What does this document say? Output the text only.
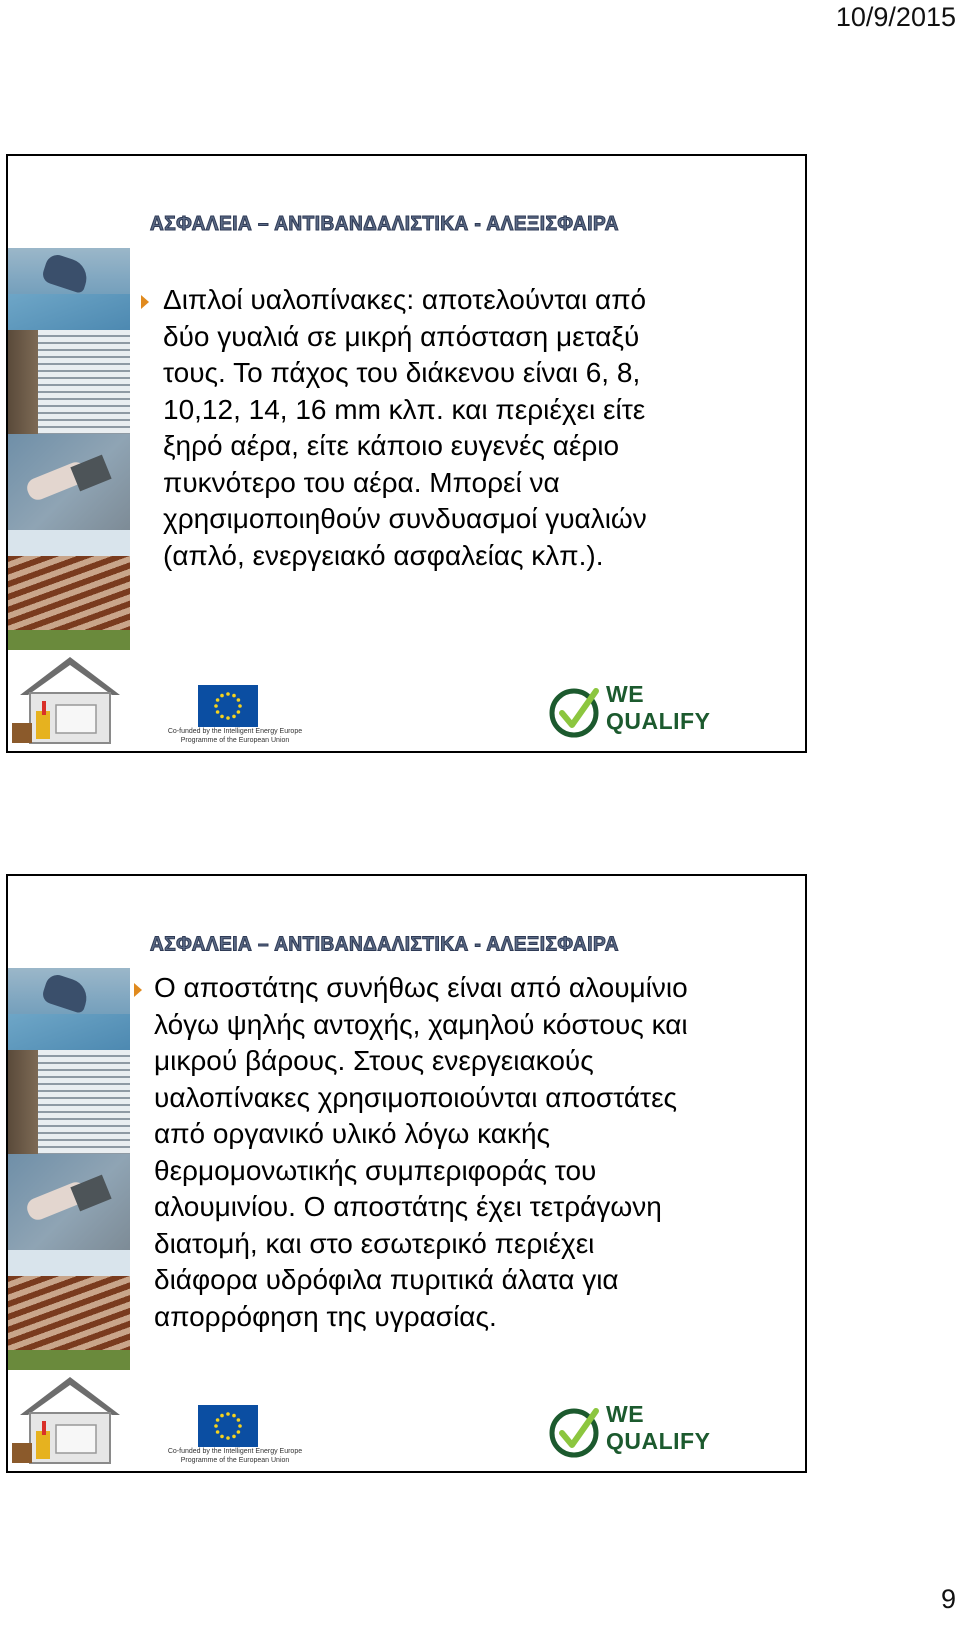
10/9/2015
ΑΣΦΑΛΕΙΑ – ΑΝΤΙΒΑΝΔΑΛΙΣΤΙΚΑ - ΑΛΕΞΙΣΦΑΙΡΑ
Διπλοί υαλοπίνακες: αποτελούνται από
δύο γυαλιά σε μικρή απόσταση μεταξύ
τους. Το πάχος του διάκενου είναι 6, 8,
10,12, 14, 16 mm κλπ. και περιέχει είτε
ξηρό αέρα, είτε κάποιο ευγενές αέριο
πυκνότερο του αέρα. Μπορεί να
χρησιμοποιηθούν συνδυασμοί γυαλιών
(απλό, ενεργειακό ασφαλείας κλπ.).
Co-funded by the Intelligent Energy Europe
Programme of the European Union
WE
QUALIFY
ΑΣΦΑΛΕΙΑ – ΑΝΤΙΒΑΝΔΑΛΙΣΤΙΚΑ - ΑΛΕΞΙΣΦΑΙΡΑ
Ο αποστάτης συνήθως είναι από αλουμίνιο
λόγω ψηλής αντοχής, χαμηλού κόστους και
μικρού βάρους. Στους ενεργειακούς
υαλοπίνακες χρησιμοποιούνται αποστάτες
από οργανικό υλικό λόγω κακής
θερμομονωτικής συμπεριφοράς του
αλουμινίου. Ο αποστάτης έχει τετράγωνη
διατομή, και στο εσωτερικό περιέχει
διάφορα υδρόφιλα πυριτικά άλατα για
απορρόφηση της υγρασίας.
Co-funded by the Intelligent Energy Europe
Programme of the European Union
WE
QUALIFY
9
